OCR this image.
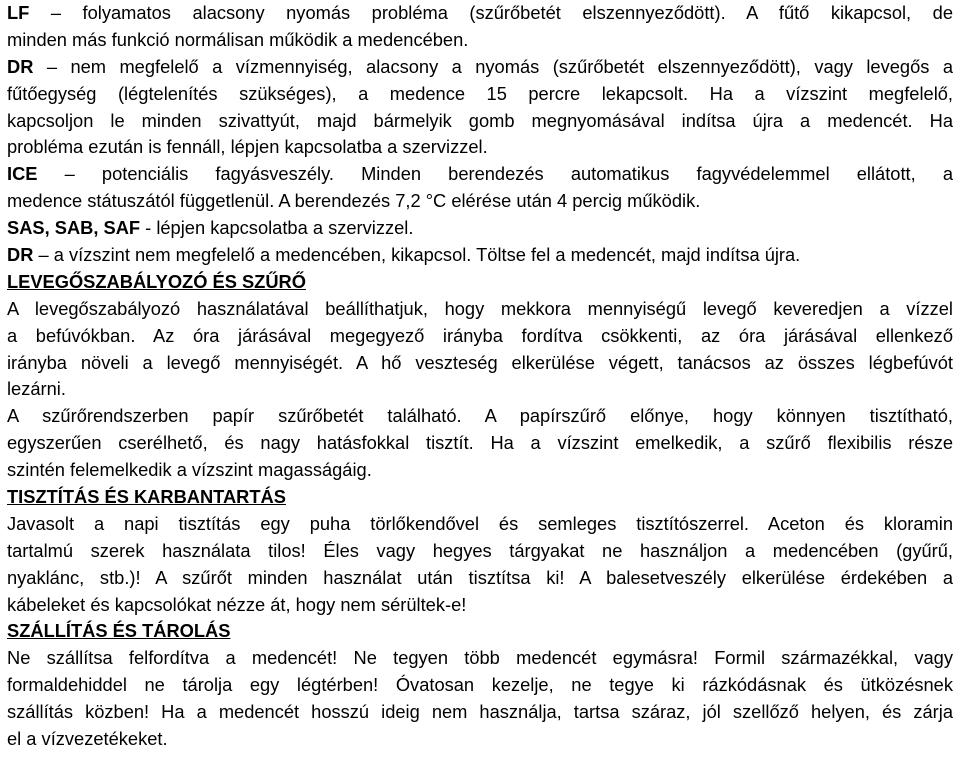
LF – folyamatos alacsony nyomás probléma (szűrőbetét elszennyeződött). A fűtő kikapcsol, de
minden más funkció normálisan működik a medencében.
DR – nem megfelelő a vízmennyiség, alacsony a nyomás (szűrőbetét elszennyeződött), vagy levegős a
fűtőegység (légtelenítés szükséges), a medence 15 percre lekapcsolt. Ha a vízszint megfelelő,
kapcsoljon le minden szivattyút, majd bármelyik gomb megnyomásával indítsa újra a medencét. Ha
probléma ezután is fennáll, lépjen kapcsolatba a szervizzel.
ICE – potenciális fagyásveszély. Minden berendezés automatikus fagyvédelemmel ellátott, a
medence státuszától függetlenül. A berendezés 7,2 °C elérése után 4 percig működik.
SAS, SAB, SAF - lépjen kapcsolatba a szervizzel.
DR – a vízszint nem megfelelő a medencében, kikapcsol. Töltse fel a medencét, majd indítsa újra.
LEVEGŐSZABÁLYOZÓ ÉS SZŰRŐ
A levegőszabályozó használatával beállíthatjuk, hogy mekkora mennyiségű levegő keveredjen a vízzel
a befúvókban. Az óra járásával megegyező irányba fordítva csökkenti, az óra járásával ellenkező
irányba növeli a levegő mennyiségét. A hő veszteség elkerülése végett, tanácsos az összes légbefúvót
lezárni.
A szűrőrendszerben papír szűrőbetét található. A papírszűrő előnye, hogy könnyen tisztítható,
egyszerűen cserélhető, és nagy hatásfokkal tisztít. Ha a vízszint emelkedik, a szűrő flexibilis része
szintén felemelkedik a vízszint magasságáig.
TISZTÍTÁS ÉS KARBANTARTÁS
Javasolt a napi tisztítás egy puha törlőkendővel és semleges tisztítószerrel. Aceton és kloramin
tartalmú szerek használata tilos! Éles vagy hegyes tárgyakat ne használjon a medencében (gyűrű,
nyaklánc, stb.)! A szűrőt minden használat után tisztítsa ki! A balesetveszély elkerülése érdekében a
kábeleket és kapcsolókat nézze át, hogy nem sérültek-e!
SZÁLLÍTÁS ÉS TÁROLÁS
Ne szállítsa felfordítva a medencét! Ne tegyen több medencét egymásra! Formil származékkal, vagy
formaldehiddel ne tárolja egy légtérben! Óvatosan kezelje, ne tegye ki rázkódásnak és ütközésnek
szállítás közben! Ha a medencét hosszú ideig nem használja, tartsa száraz, jól szellőző helyen, és zárja
el a vízvezetékeket.
